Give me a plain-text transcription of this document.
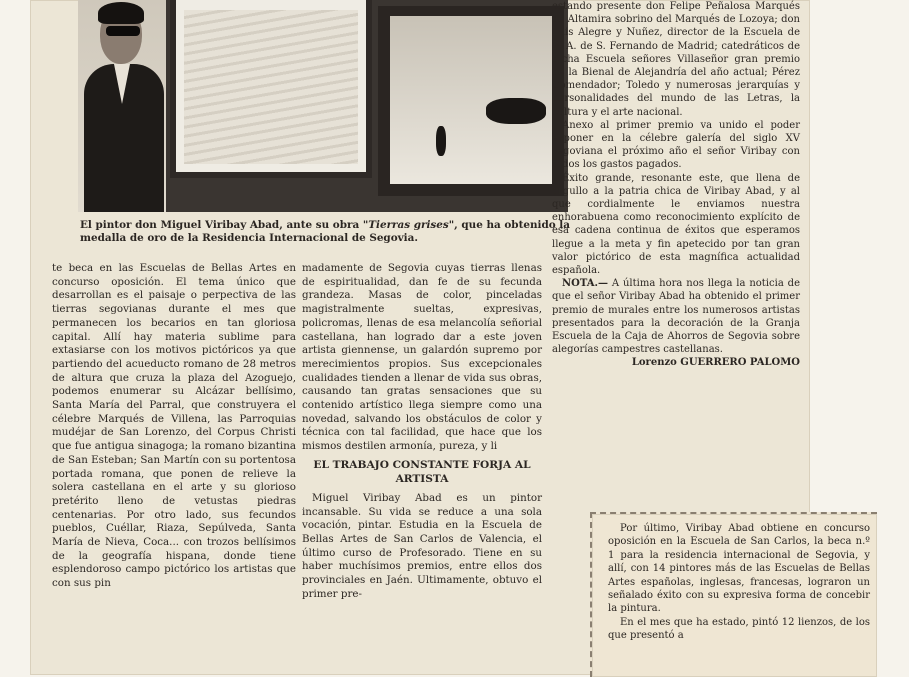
El pintor don Miguel Viribay Abad, ante su obra "Tierras grises", que ha obtenido la medalla de oro de la Residencia Internacional de Segovia.

estando presente don Felipe Peñalosa Marqués de Altamira sobrino del Marqués de Lozoya; don Luis Alegre y Nuñez, director de la Escuela de B. A. de S. Fernando de Madrid; catedráticos de dicha Escuela señores Villaseñor gran premio de la Bienal de Alejandría del año actual; Pérez Comendador; Toledo y numerosas jerarquías y personalidades del mundo de las Letras, la cultura y el arte nacional.

Anexo al primer premio va unido el poder exponer en la célebre galería del siglo XV segoviana el próximo año el señor Viribay con todos los gastos pagados.

Éxito grande, resonante este, que llena de orgullo a la patria chica de Viribay Abad, y al que cordialmente le enviamos nuestra enhorabuena como reconocimiento explícito de esa cadena continua de éxitos que esperamos llegue a la meta y fin apetecido por tan gran valor pictórico de esta magnífica actualidad española.

NOTA.— A última hora nos llega la noticia de que el señor Viribay Abad ha obtenido el primer premio de murales entre los numerosos artistas presentados para la decoración de la Granja Escuela de la Caja de Ahorros de Segovia sobre alegorías campestres castellanas.

Lorenzo GUERRERO PALOMO

te beca en las Escuelas de Bellas Artes en concurso oposición. El tema único que desarrollan es el paisaje o perpectiva de las tierras segovianas durante el mes que permanecen los becarios en tan gloriosa capital. Allí hay materia sublime para extasiarse con los motivos pictóricos ya que partiendo del acueducto romano de 28 metros de altura que cruza la plaza del Azoguejo, podemos enumerar su Alcázar bellísimo, Santa María del Parral, que construyera el célebre Marqués de Villena, las Parroquias mudéjar de San Lorenzo, del Corpus Christi que fue antigua sinagoga; la romano bizantina de San Esteban; San Martín con su portentosa portada romana, que ponen de relieve la solera castellana en el arte y su glorioso pretérito lleno de vetustas piedras centenarias. Por otro lado, sus fecundos pueblos, Cuéllar, Riaza, Sepúlveda, Santa María de Nieva, Coca... con trozos bellísimos de la geografía hispana, donde tiene esplendoroso campo pictórico los artistas que con sus pin

madamente de Segovia cuyas tierras llenas de espiritualidad, dan fe de su fecunda grandeza. Masas de color, pinceladas magistralmente sueltas, expresivas, policromas, llenas de esa melancolía señorial castellana, han logrado dar a este joven artista giennense, un galardón supremo por merecimientos propios. Sus excepcionales cualidades tienden a llenar de vida sus obras, causando tan gratas sensaciones que su contenido artístico llega siempre como una novedad, salvando los obstáculos de color y técnica con tal facilidad, que hace que los mismos destilen armonía, pureza, y li

EL TRABAJO CONSTANTE FORJA AL ARTISTA

Miguel Viribay Abad es un pintor incansable. Su vida se reduce a una sola vocación, pintar. Estudia en la Escuela de Bellas Artes de San Carlos de Valencia, el último curso de Profesorado. Tiene en su haber muchísimos premios, entre ellos dos provinciales en Jaén. Ultimamente, obtuvo el primer pre-

Por último, Viribay Abad obtiene en concurso oposición en la Escuela de San Carlos, la beca n.º 1 para la residencia internacional de Segovia, y allí, con 14 pintores más de las Escuelas de Bellas Artes españolas, inglesas, francesas, lograron un señalado éxito con su expresiva forma de concebir la pintura.

En el mes que ha estado, pintó 12 lienzos, de los que presentó a
